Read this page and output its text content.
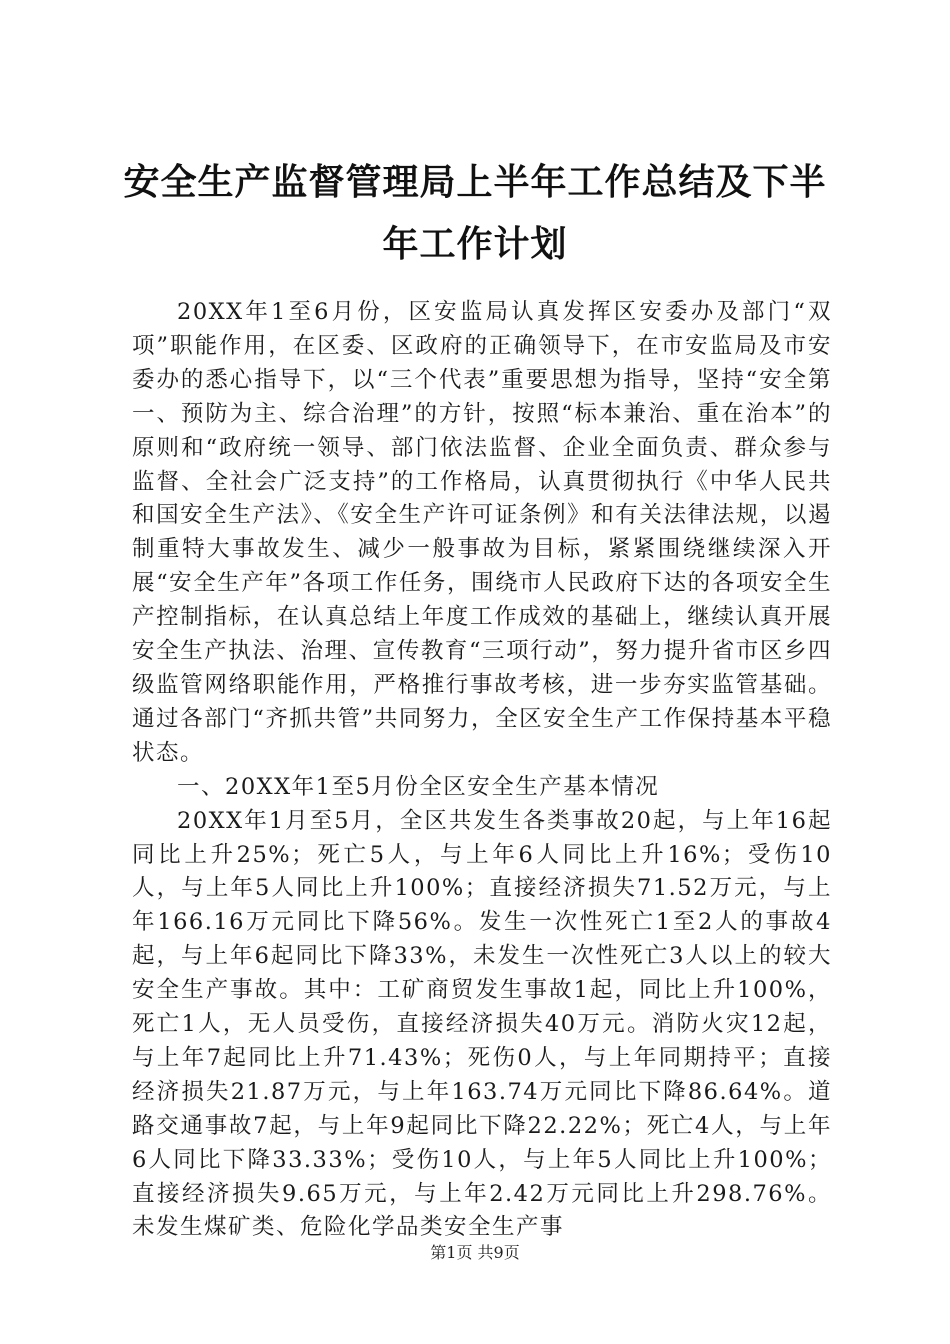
安全生产监督管理局上半年工作总结及下半年工作计划

20XX年1至6月份，区安监局认真发挥区安委办及部门“双项”职能作用，在区委、区政府的正确领导下，在市安监局及市安委办的悉心指导下，以“三个代表”重要思想为指导，坚持“安全第一、预防为主、综合治理”的方针，按照“标本兼治、重在治本”的原则和“政府统一领导、部门依法监督、企业全面负责、群众参与监督、全社会广泛支持”的工作格局，认真贯彻执行《中华人民共和国安全生产法》、《安全生产许可证条例》和有关法律法规，以遏制重特大事故发生、减少一般事故为目标，紧紧围绕继续深入开展“安全生产年”各项工作任务，围绕市人民政府下达的各项安全生产控制指标，在认真总结上年度工作成效的基础上，继续认真开展安全生产执法、治理、宣传教育“三项行动”，努力提升省市区乡四级监管网络职能作用，严格推行事故考核，进一步夯实监管基础。通过各部门“齐抓共管”共同努力，全区安全生产工作保持基本平稳状态。

一、20XX年1至5月份全区安全生产基本情况

20XX年1月至5月，全区共发生各类事故20起，与上年16起同比上升25%；死亡5人，与上年6人同比上升16%；受伤10人，与上年5人同比上升100%；直接经济损失71.52万元，与上年166.16万元同比下降56%。发生一次性死亡1至2人的事故4起，与上年6起同比下降33%，未发生一次性死亡3人以上的较大安全生产事故。其中：工矿商贸发生事故1起，同比上升100%，死亡1人，无人员受伤，直接经济损失40万元。消防火灾12起，与上年7起同比上升71.43%；死伤0人，与上年同期持平；直接经济损失21.87万元，与上年163.74万元同比下降86.64%。道路交通事故7起，与上年9起同比下降22.22%；死亡4人，与上年6人同比下降33.33%；受伤10人，与上年5人同比上升100%；直接经济损失9.65万元，与上年2.42万元同比上升298.76%。未发生煤矿类、危险化学品类安全生产事

第1页 共9页
